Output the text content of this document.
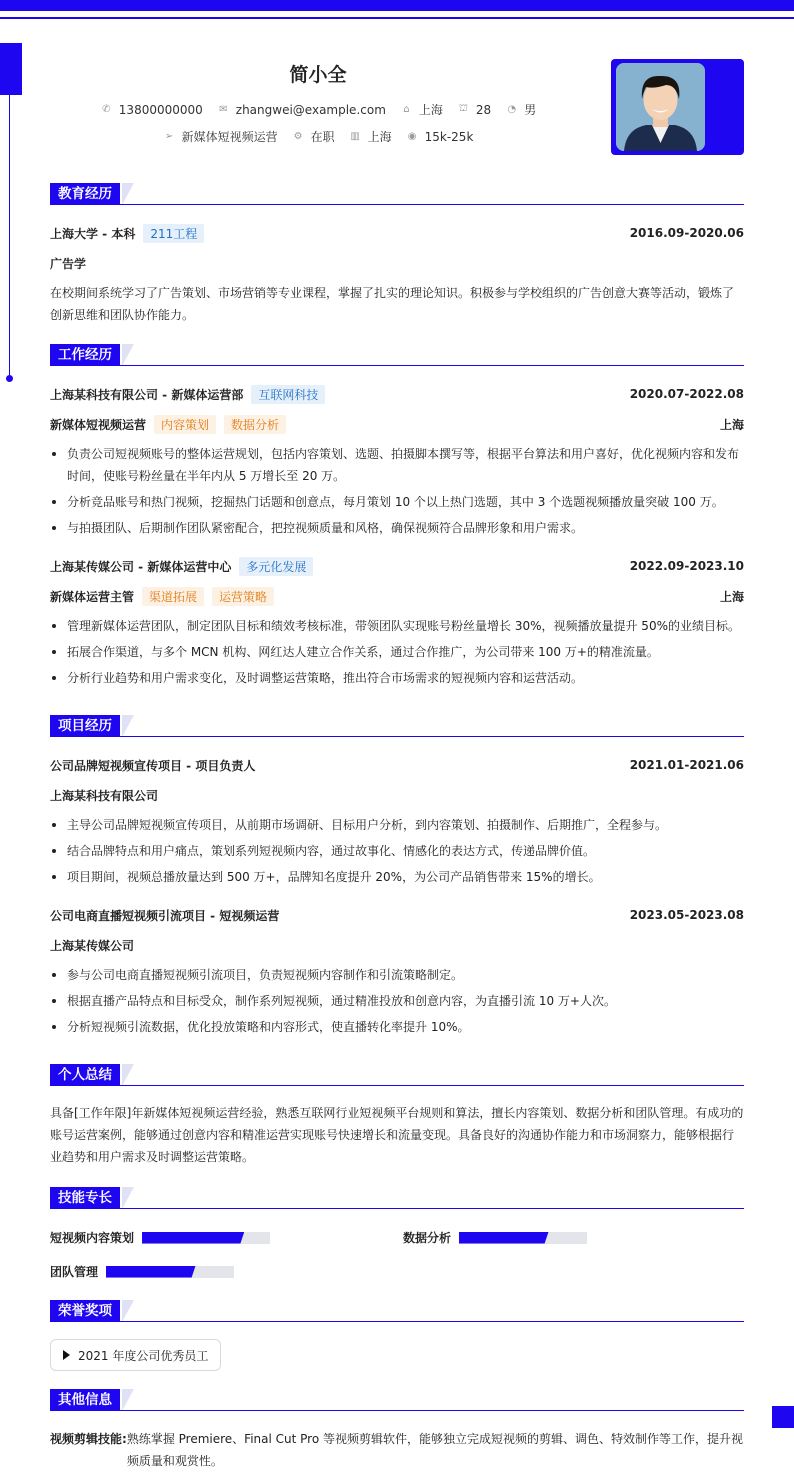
简小全
✆ 13800000000 ✉ zhangwei@example.com	⌂ 上海 ⛫ 28 ◔ 男
➢ 新媒体短视频运营 ⚙ 在职 ▥ 上海 ◉ 15k-25k
教育经历
上海大学 - 本科	211工程	2016.09-2020.06
广告学
在校期间系统学习了广告策划、市场营销等专业课程，掌握了扎实的理论知识。积极参与学校组织的广告创意大赛等活动，锻炼了创新思维和团队协作能力。
工作经历
上海某科技有限公司 - 新媒体运营部	互联网科技	2020.07-2022.08
新媒体短视频运营	内容策划	数据分析	上海
负责公司短视频账号的整体运营规划，包括内容策划、选题、拍摄脚本撰写等，根据平台算法和用户喜好，优化视频内容和发布时间，使账号粉丝量在半年内从 5 万增长至 20 万。
分析竞品账号和热门视频，挖掘热门话题和创意点，每月策划 10 个以上热门选题，其中 3 个选题视频播放量突破 100 万。
与拍摄团队、后期制作团队紧密配合，把控视频质量和风格，确保视频符合品牌形象和用户需求。
上海某传媒公司 - 新媒体运营中心	多元化发展	2022.09-2023.10
新媒体运营主管	渠道拓展	运营策略	上海
管理新媒体运营团队，制定团队目标和绩效考核标准，带领团队实现账号粉丝量增长 30%，视频播放量提升 50%的业绩目标。
拓展合作渠道，与多个 MCN 机构、网红达人建立合作关系，通过合作推广，为公司带来 100 万+的精准流量。
分析行业趋势和用户需求变化，及时调整运营策略，推出符合市场需求的短视频内容和运营活动。
项目经历
公司品牌短视频宣传项目 - 项目负责人	2021.01-2021.06
上海某科技有限公司
主导公司品牌短视频宣传项目，从前期市场调研、目标用户分析，到内容策划、拍摄制作、后期推广，全程参与。
结合品牌特点和用户痛点，策划系列短视频内容，通过故事化、情感化的表达方式，传递品牌价值。
项目期间，视频总播放量达到 500 万+，品牌知名度提升 20%，为公司产品销售带来 15%的增长。
公司电商直播短视频引流项目 - 短视频运营	2023.05-2023.08
上海某传媒公司
参与公司电商直播短视频引流项目，负责短视频内容制作和引流策略制定。
根据直播产品特点和目标受众，制作系列短视频，通过精准投放和创意内容，为直播引流 10 万+人次。
分析短视频引流数据，优化投放策略和内容形式，使直播转化率提升 10%。
个人总结
具备[工作年限]年新媒体短视频运营经验，熟悉互联网行业短视频平台规则和算法，擅长内容策划、数据分析和团队管理。有成功的账号运营案例，能够通过创意内容和精准运营实现账号快速增长和流量变现。具备良好的沟通协作能力和市场洞察力，能够根据行业趋势和用户需求及时调整运营策略。
技能专长
短视频内容策划	数据分析
团队管理
荣誉奖项
2021 年度公司优秀员工
其他信息
视频剪辑技能: 熟练掌握 Premiere、Final Cut Pro 等视频剪辑软件，能够独立完成短视频的剪辑、调色、特效制作等工作，提升视频质量和观赏性。
